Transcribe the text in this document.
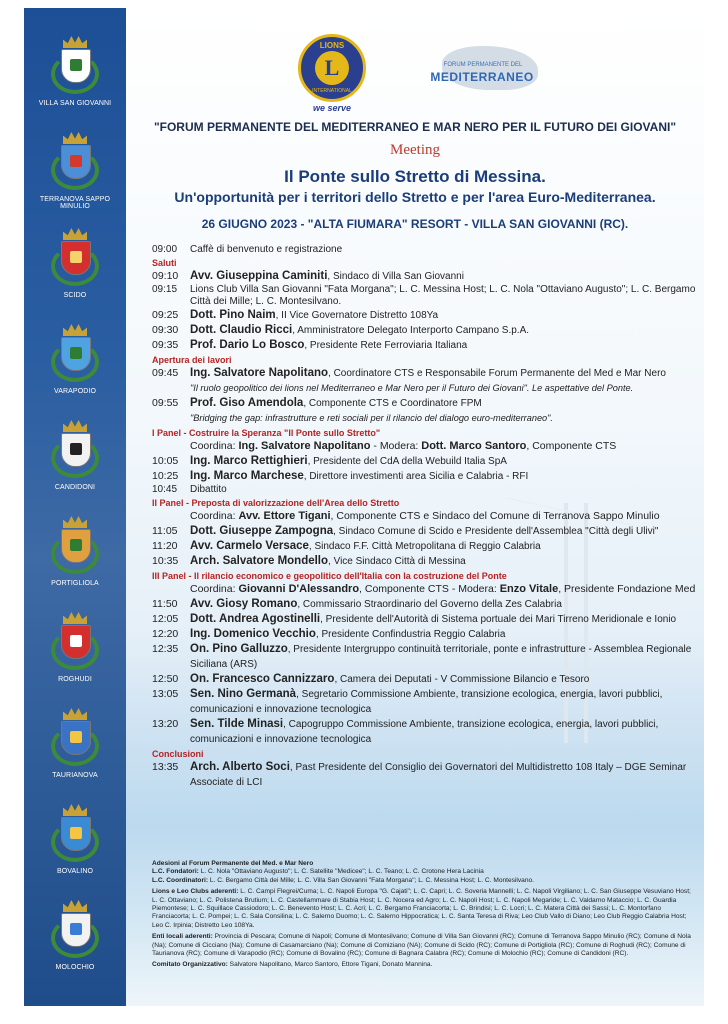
VILLA SAN GIOVANNI
TERRANOVA SAPPO MINULIO
SCIDO
VARAPODIO
CANDIDONI
PORTIGLIOLA
ROGHUDI
TAURIANOVA
BOVALINO
MOLOCHIO
LIONS
L
INTERNATIONAL
we serve
FORUM PERMANENTE DEL
MEDITERRANEO
"FORUM PERMANENTE DEL MEDITERRANEO E MAR NERO PER IL FUTURO DEI GIOVANI"
Meeting
Il Ponte sullo Stretto di Messina.
Un'opportunità per i territori dello Stretto e per l'area Euro-Mediterranea.
26 GIUGNO 2023 - "ALTA FIUMARA" RESORT - VILLA SAN GIOVANNI (RC).
09:00	Caffè di benvenuto e registrazione
Saluti
09:10	Avv. Giuseppina Caminiti, Sindaco di Villa San Giovanni
09:15	Lions Club Villa San Giovanni "Fata Morgana"; L. C. Messina Host; L. C. Nola "Ottaviano Augusto"; L. C. Bergamo Città dei Mille; L. C. Montesilvano.
09:25	Dott. Pino Naim, II Vice Governatore Distretto 108Ya
09:30	Dott. Claudio Ricci, Amministratore Delegato Interporto Campano S.p.A.
09:35	Prof. Dario Lo Bosco, Presidente Rete Ferroviaria Italiana
Apertura dei lavori
09:45	Ing. Salvatore Napolitano, Coordinatore CTS e Responsabile Forum Permanente del Med e Mar Nero
"Il ruolo geopolitico dei lions nel Mediterraneo e Mar Nero per il Futuro dei Giovani". Le aspettative del Ponte.
09:55	Prof. Giso Amendola, Componente CTS e Coordinatore FPM
"Bridging the gap: infrastrutture e reti sociali per il rilancio del dialogo euro-mediterraneo".
I Panel - Costruire la Speranza "Il Ponte sullo Stretto"
Coordina: Ing. Salvatore Napolitano - Modera: Dott. Marco Santoro, Componente CTS
10:05	Ing. Marco Rettighieri, Presidente del CdA della Webuild Italia SpA
10:25	Ing. Marco Marchese, Direttore investimenti area Sicilia e Calabria - RFI
10:45	Dibattito
II Panel - Preposta di valorizzazione dell'Area dello Stretto
Coordina: Avv. Ettore Tigani, Componente CTS e Sindaco del Comune di Terranova Sappo Minulio
11:05	Dott. Giuseppe Zampogna, Sindaco Comune di Scido e Presidente dell'Assemblea "Città degli Ulivi"
11:20	Avv. Carmelo Versace, Sindaco F.F. Città Metropolitana di Reggio Calabria
10:35	Arch. Salvatore Mondello, Vice Sindaco Città di Messina
III Panel - Il rilancio economico e geopolitico dell'Italia con la costruzione del Ponte
Coordina: Giovanni D'Alessandro, Componente CTS - Modera: Enzo Vitale, Presidente Fondazione Med
11:50	Avv. Giosy Romano, Commissario Straordinario del Governo della Zes Calabria
12:05	Dott. Andrea Agostinelli, Presidente dell'Autorità di Sistema portuale dei Mari Tirreno Meridionale e Ionio
12:20	Ing. Domenico Vecchio, Presidente Confindustria Reggio Calabria
12:35	On. Pino Galluzzo, Presidente Intergruppo continuità territoriale, ponte e infrastrutture - Assemblea Regionale Siciliana (ARS)
12:50	On. Francesco Cannizzaro, Camera dei Deputati - V Commissione Bilancio e Tesoro
13:05	Sen. Nino Germanà, Segretario Commissione Ambiente, transizione ecologica, energia, lavori pubblici, comunicazioni e innovazione tecnologica
13:20	Sen. Tilde Minasi, Capogruppo Commissione Ambiente, transizione ecologica, energia, lavori pubblici, comunicazioni e innovazione tecnologica
Conclusioni
13:35	Arch. Alberto Soci, Past Presidente del Consiglio dei Governatori del Multidistretto 108 Italy – DGE Seminar Associate di LCI

Adesioni al Forum Permanente del Med. e Mar Nero
L.C. Fondatori: L. C. Nola "Ottaviano Augusto"; L. C. Satellite "Medicee"; L. C. Teano; L. C. Crotone Hera Lacinia
L.C. Coordinatori: L. C. Bergamo Città dei Mille; L. C. Villa San Giovanni "Fata Morgana"; L. C. Messina Host; L. C. Montesilvano.

Lions e Leo Clubs aderenti: L. C. Campi Flegrei/Cuma; L. C. Napoli Europa "G. Cajati"; L. C. Capri; L. C. Soveria Mannelli; L. C. Napoli Virgiliano; L. C. San Giuseppe Vesuviano Host; L. C. Ottaviano; L. C. Polistena Brutium; L. C. Castellammare di Stabia Host; L. C. Nocera ed Agro; L. C. Napoli Host; L. C. Napoli Megaride; L. C. Valdarno Mataccio; L. C. Guardia Piemontese; L. C. Squillace Cassiodoro; L. C. Benevento Host; L. C. Acri; L. C. Bergamo Franciacorta; L. C. Brindisi; L. C. Locri; L. C. Matera Città dei Sassi; L. C. Montorfano Franciacorta; L. C. Pompei; L. C. Sala Consilina; L. C. Salerno Duomo; L. C. Salerno Hippocratica; L. C. Santa Teresa di Riva; Leo Club Vallo di Diano; Leo Club Reggio Calabria Host; Leo C. Irpinia; Distretto Leo 108Ya.

Enti locali aderenti: Provincia di Pescara; Comune di Napoli; Comune di Montesilvano; Comune di Villa San Giovanni (RC); Comune di Terranova Sappo Minulio (RC); Comune di Nola (Na); Comune di Cicciano (Na); Comune di Casamarciano (Na); Comune di Comiziano (NA); Comune di Scido (RC); Comune di Portigliola (RC); Comune di Roghudi (RC); Comune di Taurianova (RC); Comune di Varapodio (RC); Comune di Bovalino (RC); Comune di Bagnara Calabra (RC); Comune di Molochio (RC); Comune di Candidoni (RC).

Comitato Organizzativo: Salvatore Napolitano, Marco Santoro, Ettore Tigani, Donato Mannina.
